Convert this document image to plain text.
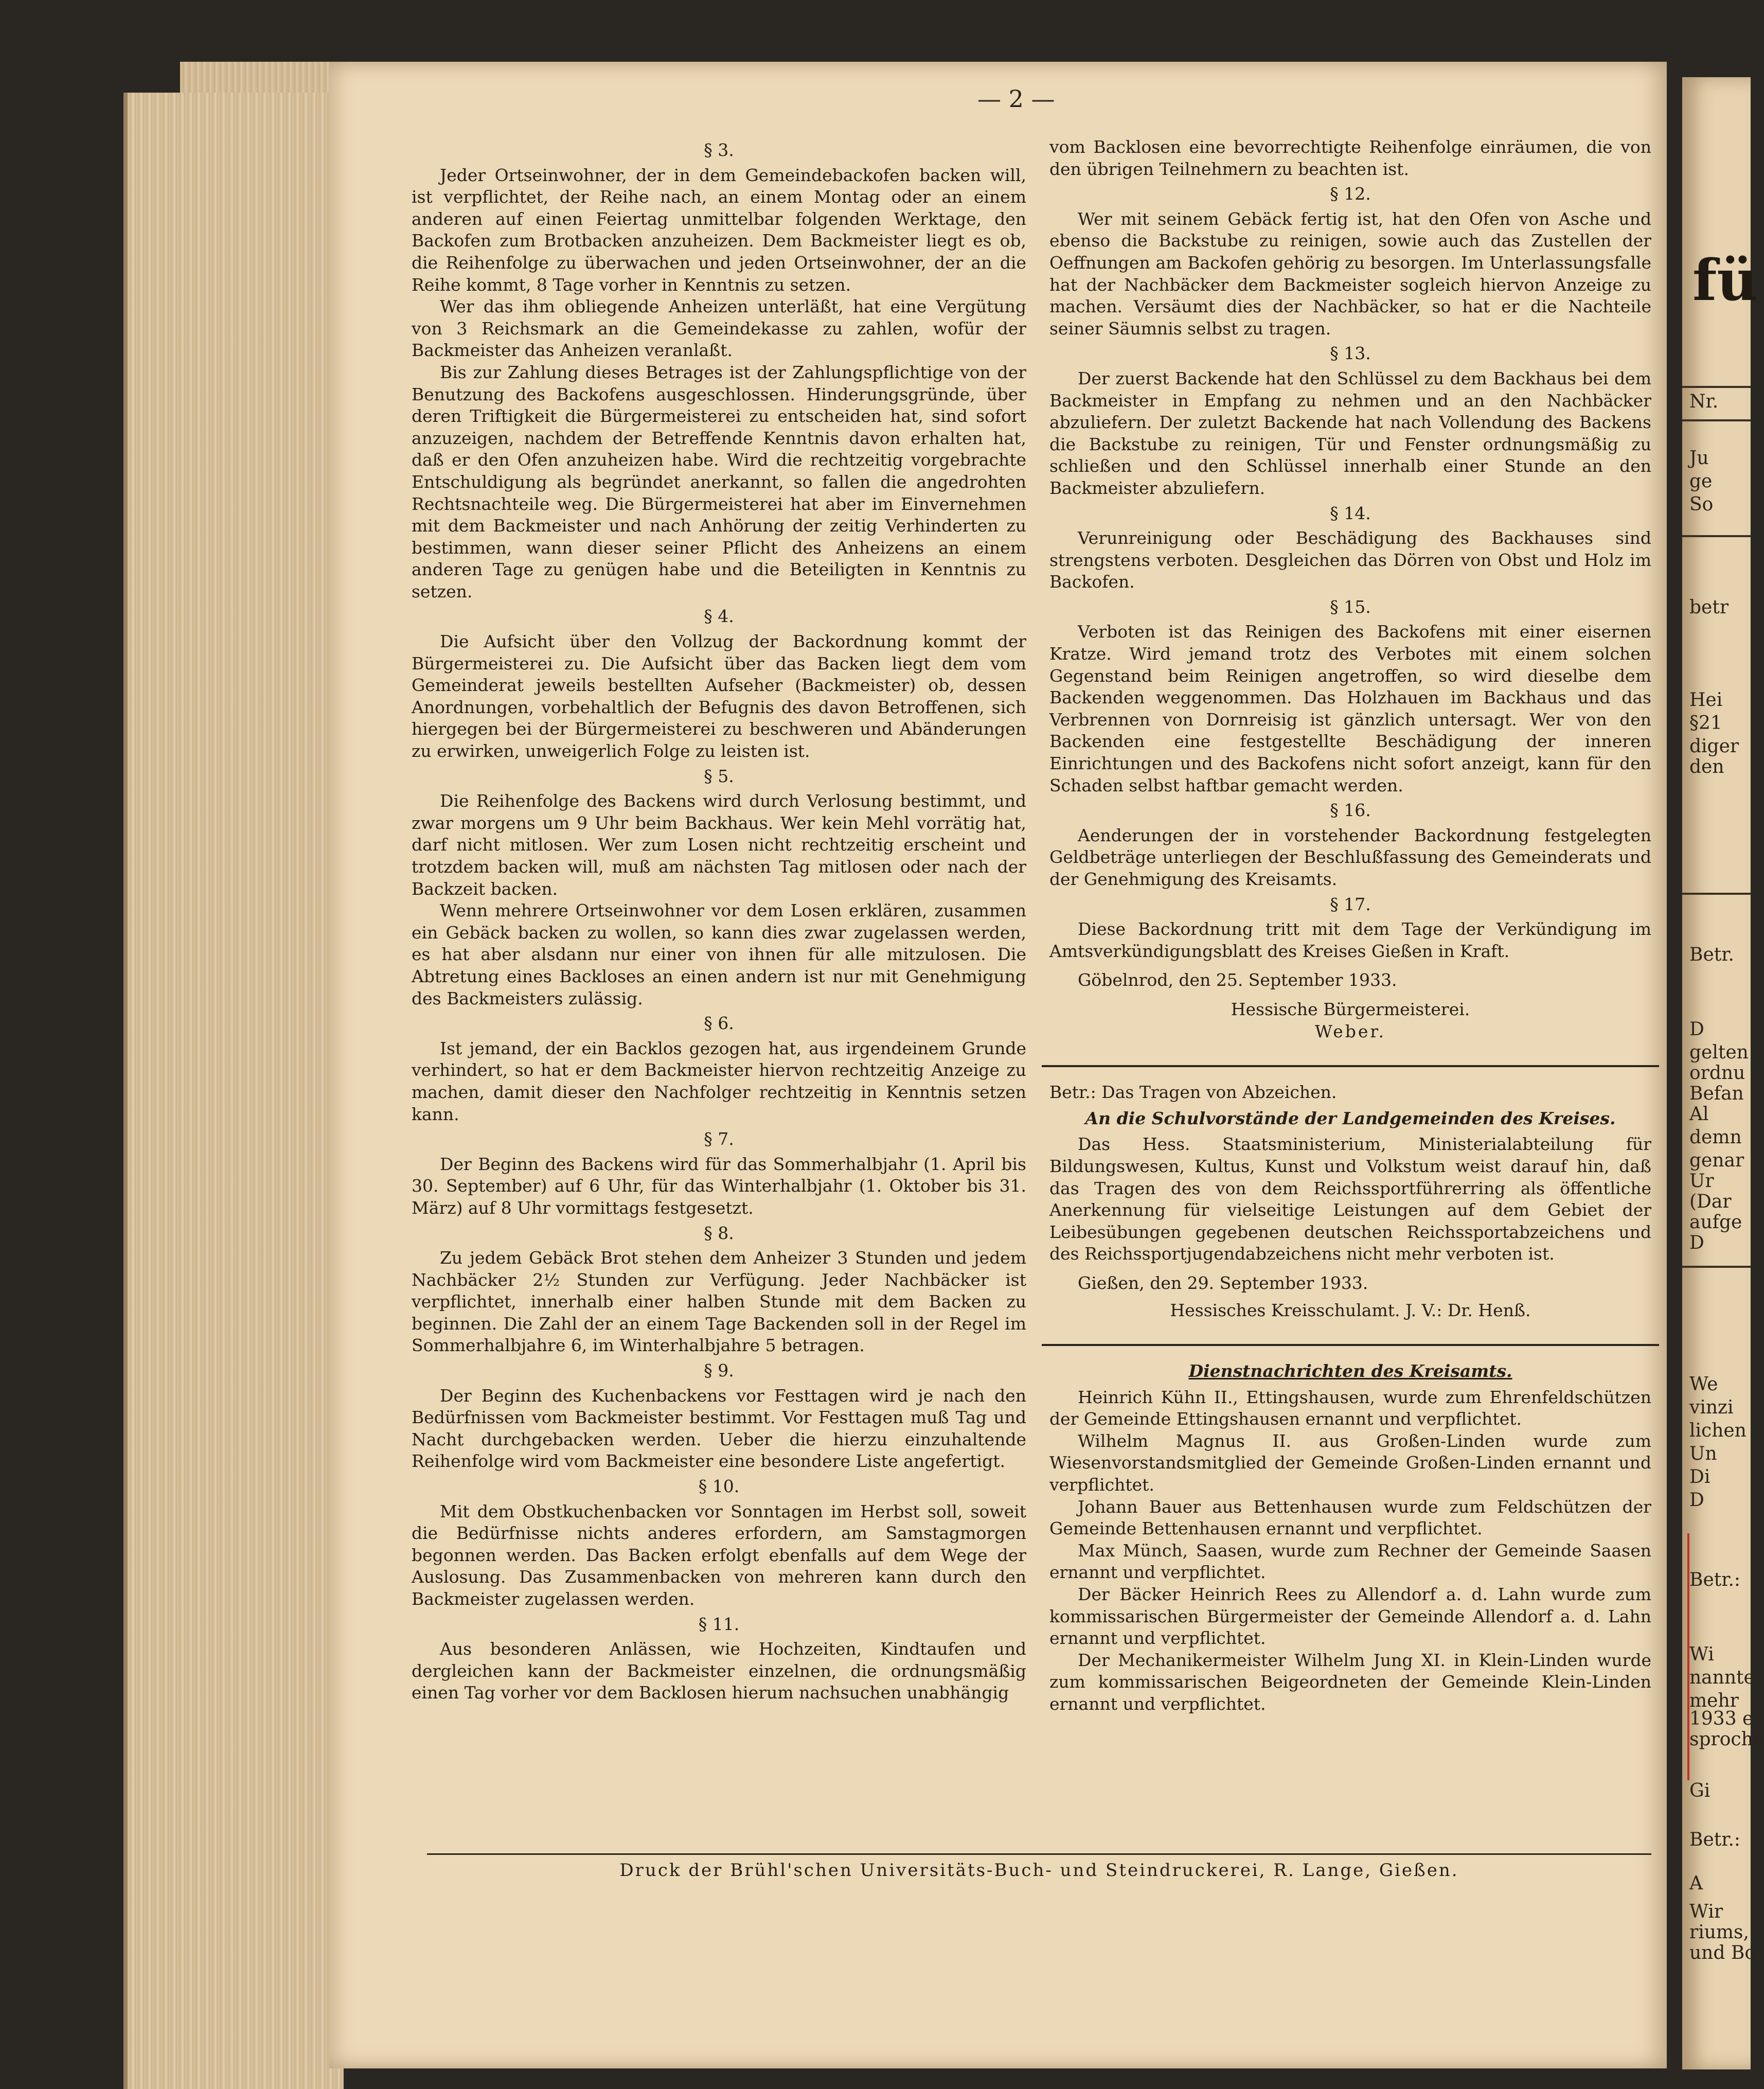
— 2 —
§ 3.

Jeder Ortseinwohner, der in dem Gemeindebackofen backen will, ist verpflichtet, der Reihe nach, an einem Montag oder an einem anderen auf einen Feiertag unmittelbar folgenden Werktage, den Backofen zum Brotbacken anzuheizen. Dem Backmeister liegt es ob, die Reihenfolge zu überwachen und jeden Ortseinwohner, der an die Reihe kommt, 8 Tage vorher in Kenntnis zu setzen.

Wer das ihm obliegende Anheizen unterläßt, hat eine Vergütung von 3 Reichsmark an die Gemeindekasse zu zahlen, wofür der Backmeister das Anheizen veranlaßt.

Bis zur Zahlung dieses Betrages ist der Zahlungspflichtige von der Benutzung des Backofens ausgeschlossen. Hinderungsgründe, über deren Triftigkeit die Bürgermeisterei zu entscheiden hat, sind sofort anzuzeigen, nachdem der Betreffende Kenntnis davon erhalten hat, daß er den Ofen anzuheizen habe. Wird die rechtzeitig vorgebrachte Entschuldigung als begründet anerkannt, so fallen die angedrohten Rechtsnachteile weg. Die Bürgermeisterei hat aber im Einvernehmen mit dem Backmeister und nach Anhörung der zeitig Verhinderten zu bestimmen, wann dieser seiner Pflicht des Anheizens an einem anderen Tage zu genügen habe und die Beteiligten in Kenntnis zu setzen.

§ 4.

Die Aufsicht über den Vollzug der Backordnung kommt der Bürgermeisterei zu. Die Aufsicht über das Backen liegt dem vom Gemeinderat jeweils bestellten Aufseher (Backmeister) ob, dessen Anordnungen, vorbehaltlich der Befugnis des davon Betroffenen, sich hiergegen bei der Bürgermeisterei zu beschweren und Abänderungen zu erwirken, unweigerlich Folge zu leisten ist.

§ 5.

Die Reihenfolge des Backens wird durch Verlosung bestimmt, und zwar morgens um 9 Uhr beim Backhaus. Wer kein Mehl vorrätig hat, darf nicht mitlosen. Wer zum Losen nicht rechtzeitig erscheint und trotzdem backen will, muß am nächsten Tag mitlosen oder nach der Backzeit backen.

Wenn mehrere Ortseinwohner vor dem Losen erklären, zusammen ein Gebäck backen zu wollen, so kann dies zwar zugelassen werden, es hat aber alsdann nur einer von ihnen für alle mitzulosen. Die Abtretung eines Backloses an einen andern ist nur mit Genehmigung des Backmeisters zulässig.

§ 6.

Ist jemand, der ein Backlos gezogen hat, aus irgendeinem Grunde verhindert, so hat er dem Backmeister hiervon rechtzeitig Anzeige zu machen, damit dieser den Nachfolger rechtzeitig in Kenntnis setzen kann.

§ 7.

Der Beginn des Backens wird für das Sommerhalbjahr (1. April bis 30. September) auf 6 Uhr, für das Winterhalbjahr (1. Oktober bis 31. März) auf 8 Uhr vormittags festgesetzt.

§ 8.

Zu jedem Gebäck Brot stehen dem Anheizer 3 Stunden und jedem Nachbäcker 2½ Stunden zur Verfügung. Jeder Nachbäcker ist verpflichtet, innerhalb einer halben Stunde mit dem Backen zu beginnen. Die Zahl der an einem Tage Backenden soll in der Regel im Sommerhalbjahre 6, im Winterhalbjahre 5 betragen.

§ 9.

Der Beginn des Kuchenbackens vor Festtagen wird je nach den Bedürfnissen vom Backmeister bestimmt. Vor Festtagen muß Tag und Nacht durchgebacken werden. Ueber die hierzu einzuhaltende Reihenfolge wird vom Backmeister eine besondere Liste angefertigt.

§ 10.

Mit dem Obstkuchenbacken vor Sonntagen im Herbst soll, soweit die Bedürfnisse nichts anderes erfordern, am Samstagmorgen begonnen werden. Das Backen erfolgt ebenfalls auf dem Wege der Auslosung. Das Zusammenbacken von mehreren kann durch den Backmeister zugelassen werden.

§ 11.

Aus besonderen Anlässen, wie Hochzeiten, Kindtaufen und dergleichen kann der Backmeister einzelnen, die ordnungsmäßig einen Tag vorher vor dem Backlosen hierum nachsuchen unabhängig

vom Backlosen eine bevorrechtigte Reihenfolge einräumen, die von den übrigen Teilnehmern zu beachten ist.

§ 12.

Wer mit seinem Gebäck fertig ist, hat den Ofen von Asche und ebenso die Backstube zu reinigen, sowie auch das Zustellen der Oeffnungen am Backofen gehörig zu besorgen. Im Unterlassungsfalle hat der Nachbäcker dem Backmeister sogleich hiervon Anzeige zu machen. Versäumt dies der Nachbäcker, so hat er die Nachteile seiner Säumnis selbst zu tragen.

§ 13.

Der zuerst Backende hat den Schlüssel zu dem Backhaus bei dem Backmeister in Empfang zu nehmen und an den Nachbäcker abzuliefern. Der zuletzt Backende hat nach Vollendung des Backens die Backstube zu reinigen, Tür und Fenster ordnungsmäßig zu schließen und den Schlüssel innerhalb einer Stunde an den Backmeister abzuliefern.

§ 14.

Verunreinigung oder Beschädigung des Backhauses sind strengstens verboten. Desgleichen das Dörren von Obst und Holz im Backofen.

§ 15.

Verboten ist das Reinigen des Backofens mit einer eisernen Kratze. Wird jemand trotz des Verbotes mit einem solchen Gegenstand beim Reinigen angetroffen, so wird dieselbe dem Backenden weggenommen. Das Holzhauen im Backhaus und das Verbrennen von Dornreisig ist gänzlich untersagt. Wer von den Backenden eine festgestellte Beschädigung der inneren Einrichtungen und des Backofens nicht sofort anzeigt, kann für den Schaden selbst haftbar gemacht werden.

§ 16.

Aenderungen der in vorstehender Backordnung festgelegten Geldbeträge unterliegen der Beschlußfassung des Gemeinderats und der Genehmigung des Kreisamts.

§ 17.

Diese Backordnung tritt mit dem Tage der Verkündigung im Amtsverkündigungsblatt des Kreises Gießen in Kraft.

Göbelnrod, den 25. September 1933.

Hessische Bürgermeisterei.
Weber.

Betr.: Das Tragen von Abzeichen.

An die Schulvorstände der Landgemeinden des Kreises.

Das Hess. Staatsministerium, Ministerialabteilung für Bildungswesen, Kultus, Kunst und Volkstum weist darauf hin, daß das Tragen des von dem Reichssportführerring als öffentliche Anerkennung für vielseitige Leistungen auf dem Gebiet der Leibesübungen gegebenen deutschen Reichssportabzeichens und des Reichssportjugendabzeichens nicht mehr verboten ist.

Gießen, den 29. September 1933.

Hessisches Kreisschulamt. J. V.: Dr. Henß.
Dienstnachrichten des Kreisamts.

Heinrich Kühn II., Ettingshausen, wurde zum Ehrenfeldschützen der Gemeinde Ettingshausen ernannt und verpflichtet.

Wilhelm Magnus II. aus Großen-Linden wurde zum Wiesenvorstandsmitglied der Gemeinde Großen-Linden ernannt und verpflichtet.

Johann Bauer aus Bettenhausen wurde zum Feldschützen der Gemeinde Bettenhausen ernannt und verpflichtet.

Max Münch, Saasen, wurde zum Rechner der Gemeinde Saasen ernannt und verpflichtet.

Der Bäcker Heinrich Rees zu Allendorf a. d. Lahn wurde zum kommissarischen Bürgermeister der Gemeinde Allendorf a. d. Lahn ernannt und verpflichtet.

Der Mechanikermeister Wilhelm Jung XI. in Klein-Linden wurde zum kommissarischen Beigeordneten der Gemeinde Klein-Linden ernannt und verpflichtet.

Druck der Brühl'schen Universitäts-Buch- und Steindruckerei, R. Lange, Gießen.
fü
Nr.
Ju
ge
So
betr
Hei
§21
diger
den
Betr.
D
gelten
ordnu
Befan
Al
demn
genar
Ur
(Dar
aufge
D
We
vinzi
lichen
Un
Di
D
Betr.:
Wi
nannte
mehr
1933 e
sproche
Gi
Betr.:
A
Wir
riums,
und Bo
